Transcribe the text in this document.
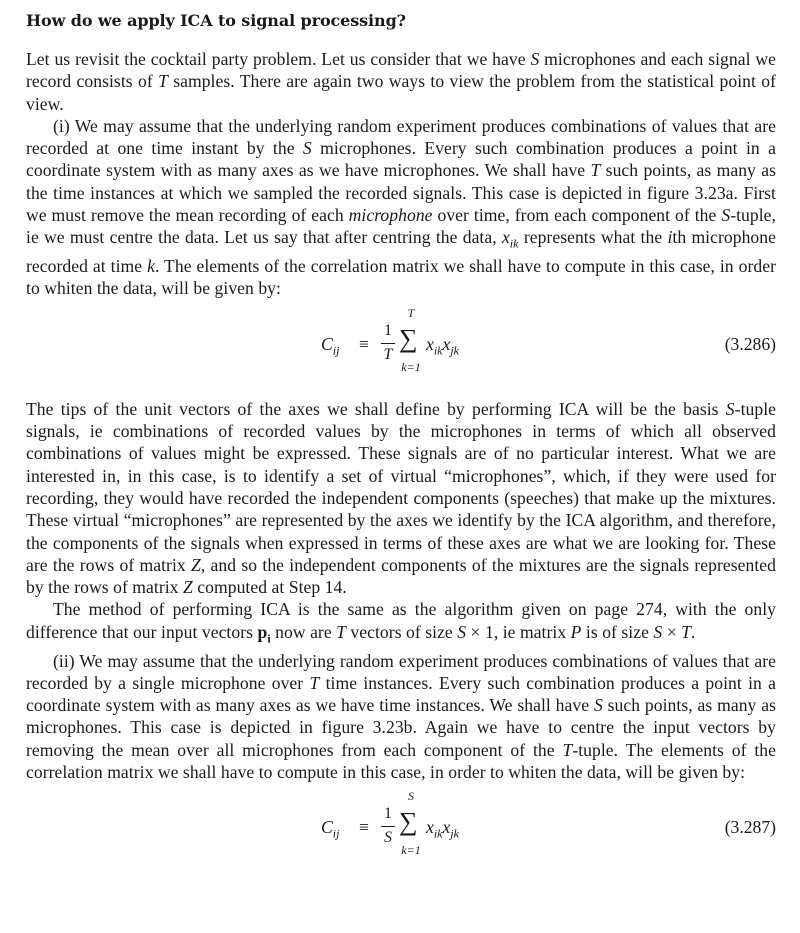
How do we apply ICA to signal processing?

Let us revisit the cocktail party problem. Let us consider that we have S microphones and each signal we record consists of T samples. There are again two ways to view the problem from the statistical point of view.

(i) We may assume that the underlying random experiment produces combinations of values that are recorded at one time instant by the S microphones. Every such combination produces a point in a coordinate system with as many axes as we have microphones. We shall have T such points, as many as the time instances at which we sampled the recorded signals. This case is depicted in figure 3.23a. First we must remove the mean recording of each microphone over time, from each component of the S-tuple, ie we must centre the data. Let us say that after centring the data, $x_{ik}$ represents what the ith microphone recorded at time k. The elements of the correlation matrix we shall have to compute in this case, in order to whiten the data, will be given by:

$C_{ij}$ ≡
1
T
T
∑
k=1
$x_{ik}x_{jk}$	(3.286)

The tips of the unit vectors of the axes we shall define by performing ICA will be the basis S-tuple signals, ie combinations of recorded values by the microphones in terms of which all observed combinations of values might be expressed. These signals are of no particular interest. What we are interested in, in this case, is to identify a set of virtual “microphones”, which, if they were used for recording, they would have recorded the independent components (speeches) that make up the mixtures. These virtual “microphones” are represented by the axes we identify by the ICA algorithm, and therefore, the components of the signals when expressed in terms of these axes are what we are looking for. These are the rows of matrix Z, and so the independent components of the mixtures are the signals represented by the rows of matrix Z computed at Step 14.

The method of performing ICA is the same as the algorithm given on page 274, with the only difference that our input vectors $p_i$ now are T vectors of size S × 1, ie matrix P is of size S × T.

(ii) We may assume that the underlying random experiment produces combinations of values that are recorded by a single microphone over T time instances. Every such combination produces a point in a coordinate system with as many axes as we have time instances. We shall have S such points, as many as microphones. This case is depicted in figure 3.23b. Again we have to centre the input vectors by removing the mean over all microphones from each component of the T-tuple. The elements of the correlation matrix we shall have to compute in this case, in order to whiten the data, will be given by:

$C_{ij}$ ≡
1
S
S
∑
k=1
$x_{ik}x_{jk}$	(3.287)
